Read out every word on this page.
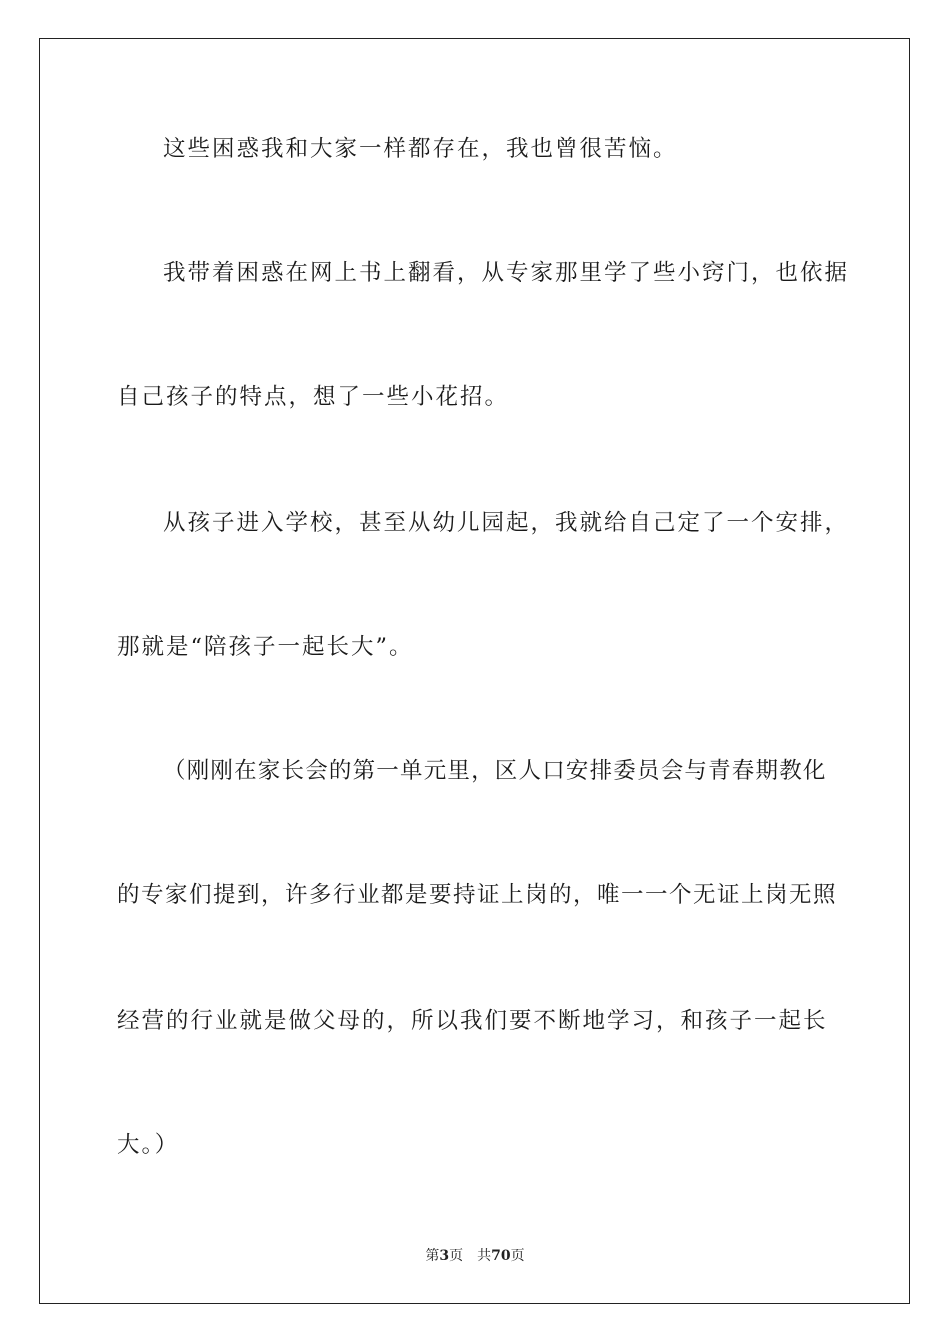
这些困惑我和大家一样都存在，我也曾很苦恼。
我带着困惑在网上书上翻看，从专家那里学了些小窍门，也依据
自己孩子的特点，想了一些小花招。
从孩子进入学校，甚至从幼儿园起，我就给自己定了一个安排，
那就是“陪孩子一起长大”。
（刚刚在家长会的第一单元里，区人口安排委员会与青春期教化
的专家们提到，许多行业都是要持证上岗的，唯一一个无证上岗无照
经营的行业就是做父母的，所以我们要不断地学习，和孩子一起长
大。）
第3页 共70页
